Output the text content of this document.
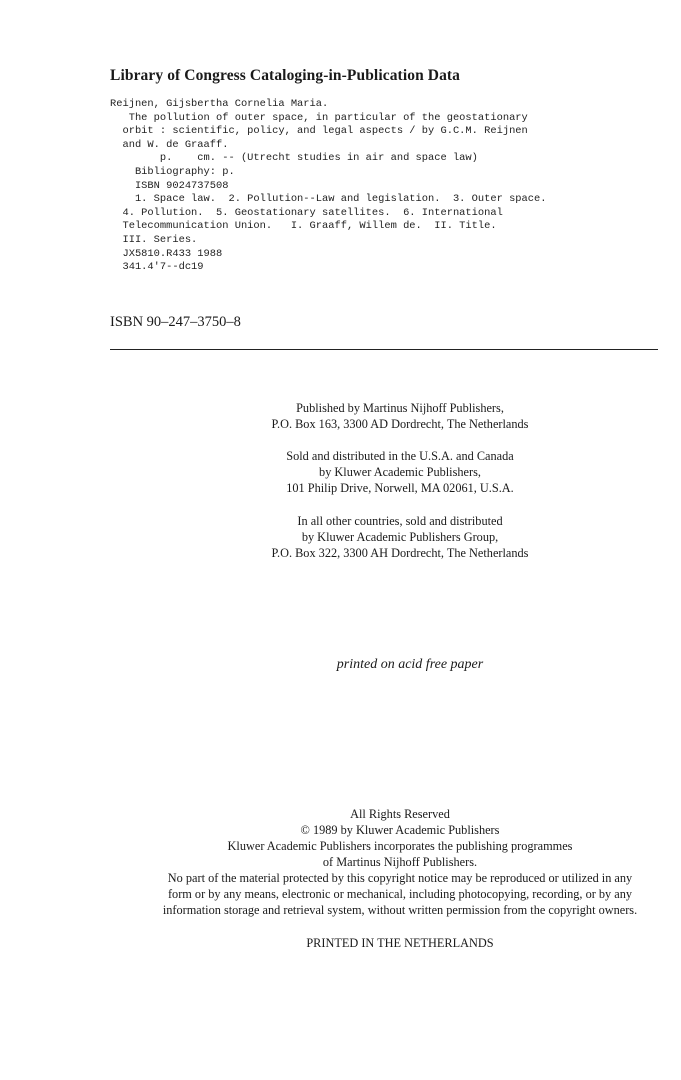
Library of Congress Cataloging-in-Publication Data
Reijnen, Gijsbertha Cornelia Maria.
The pollution of outer space, in particular of the geostationary
orbit : scientific, policy, and legal aspects / by G.C.M. Reijnen
and W. de Graaff.
p.    cm. -- (Utrecht studies in air and space law)
Bibliography: p.
ISBN 9024737508
1. Space law.  2. Pollution--Law and legislation.  3. Outer space.
4. Pollution.  5. Geostationary satellites.  6. International
Telecommunication Union.   I. Graaff, Willem de.  II. Title.
III. Series.
JX5810.R433 1988
341.4'7--dc19
ISBN 90–247–3750–8
Published by Martinus Nijhoff Publishers,
P.O. Box 163, 3300 AD Dordrecht, The Netherlands
Sold and distributed in the U.S.A. and Canada
by Kluwer Academic Publishers,
101 Philip Drive, Norwell, MA 02061, U.S.A.
In all other countries, sold and distributed
by Kluwer Academic Publishers Group,
P.O. Box 322, 3300 AH Dordrecht, The Netherlands
printed on acid free paper
All Rights Reserved
© 1989 by Kluwer Academic Publishers
Kluwer Academic Publishers incorporates the publishing programmes
of Martinus Nijhoff Publishers.
No part of the material protected by this copyright notice may be reproduced or utilized in any
form or by any means, electronic or mechanical, including photocopying, recording, or by any
information storage and retrieval system, without written permission from the copyright owners.
PRINTED IN THE NETHERLANDS
